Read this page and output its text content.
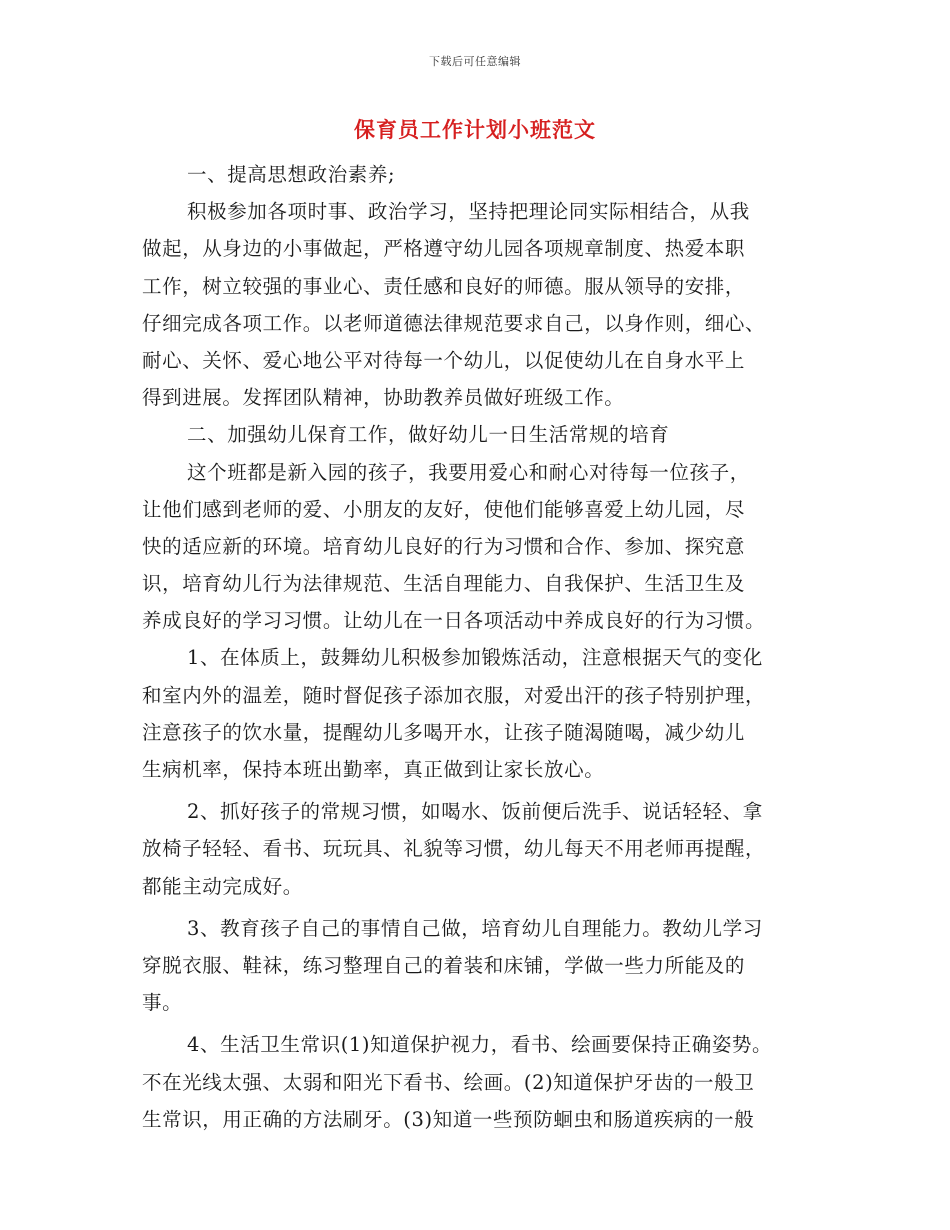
下载后可任意编辑
保育员工作计划小班范文
一、提高思想政治素养;
积极参加各项时事、政治学习，坚持把理论同实际相结合，从我
做起，从身边的小事做起，严格遵守幼儿园各项规章制度、热爱本职
工作，树立较强的事业心、责任感和良好的师德。服从领导的安排，
仔细完成各项工作。以老师道德法律规范要求自己，以身作则，细心、
耐心、关怀、爱心地公平对待每一个幼儿，以促使幼儿在自身水平上
得到进展。发挥团队精神，协助教养员做好班级工作。
二、加强幼儿保育工作，做好幼儿一日生活常规的培育
这个班都是新入园的孩子，我要用爱心和耐心对待每一位孩子，
让他们感到老师的爱、小朋友的友好，使他们能够喜爱上幼儿园，尽
快的适应新的环境。培育幼儿良好的行为习惯和合作、参加、探究意
识，培育幼儿行为法律规范、生活自理能力、自我保护、生活卫生及
养成良好的学习习惯。让幼儿在一日各项活动中养成良好的行为习惯。
1、在体质上，鼓舞幼儿积极参加锻炼活动，注意根据天气的变化
和室内外的温差，随时督促孩子添加衣服，对爱出汗的孩子特别护理，
注意孩子的饮水量，提醒幼儿多喝开水，让孩子随渴随喝，减少幼儿
生病机率，保持本班出勤率，真正做到让家长放心。
2、抓好孩子的常规习惯，如喝水、饭前便后洗手、说话轻轻、拿
放椅子轻轻、看书、玩玩具、礼貌等习惯，幼儿每天不用老师再提醒，
都能主动完成好。
3、教育孩子自己的事情自己做，培育幼儿自理能力。教幼儿学习
穿脱衣服、鞋袜，练习整理自己的着装和床铺，学做一些力所能及的
事。
4、生活卫生常识(1)知道保护视力，看书、绘画要保持正确姿势。
不在光线太强、太弱和阳光下看书、绘画。(2)知道保护牙齿的一般卫
生常识，用正确的方法刷牙。(3)知道一些预防蛔虫和肠道疾病的一般
